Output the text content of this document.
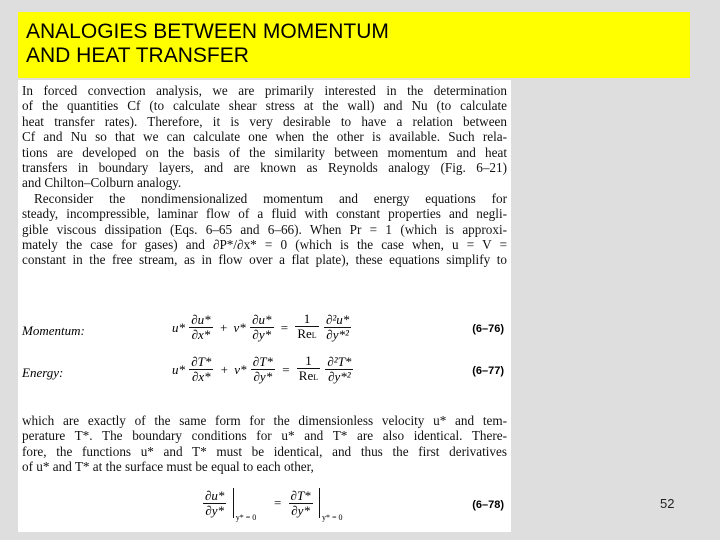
ANALOGIES BETWEEN MOMENTUM
AND HEAT TRANSFER
In forced convection analysis, we are primarily interested in the determination
of the quantities Cf (to calculate shear stress at the wall) and Nu (to calculate
heat transfer rates). Therefore, it is very desirable to have a relation between
Cf and Nu so that we can calculate one when the other is available. Such rela-
tions are developed on the basis of the similarity between momentum and heat
transfers in boundary layers, and are known as Reynolds analogy (Fig. 6–21)
and Chilton–Colburn analogy.
Reconsider the nondimensionalized momentum and energy equations for
steady, incompressible, laminar flow of a fluid with constant properties and negli-
gible viscous dissipation (Eqs. 6–65 and 6–66). When Pr = 1 (which is approxi-
mately the case for gases) and ∂P*/∂x* = 0 (which is the case when, u = V =
constant in the free stream, as in flow over a flat plate), these equations simplify to
Momentum:	$u* \frac{\partial u*}{\partial x*} + v* \frac{\partial u*}{\partial y*} = \frac{1}{\text{ReL}}$
$\frac{\text{∂²u*}}{\text{∂y*²}}$	(6–76)
Energy:	$u* \frac{\partial T*}{\partial x*} + v* \frac{\partial T*}{\partial y*} = \frac{1}{\text{ReL}}$
$\frac{\text{∂²T*}}{\text{∂y*²}}$	(6–77)
which are exactly of the same form for the dimensionless velocity u* and tem-
perature T*. The boundary conditions for u* and T* are also identical. There-
fore, the functions u* and T* must be identical, and thus the first derivatives
of u* and T* at the surface must be equal to each other,
$\frac{\partial u*}{\partial y*}$
y* = 0
= $\frac{\partial T*}{\partial y*}$
y* = 0
(6–78)	52
